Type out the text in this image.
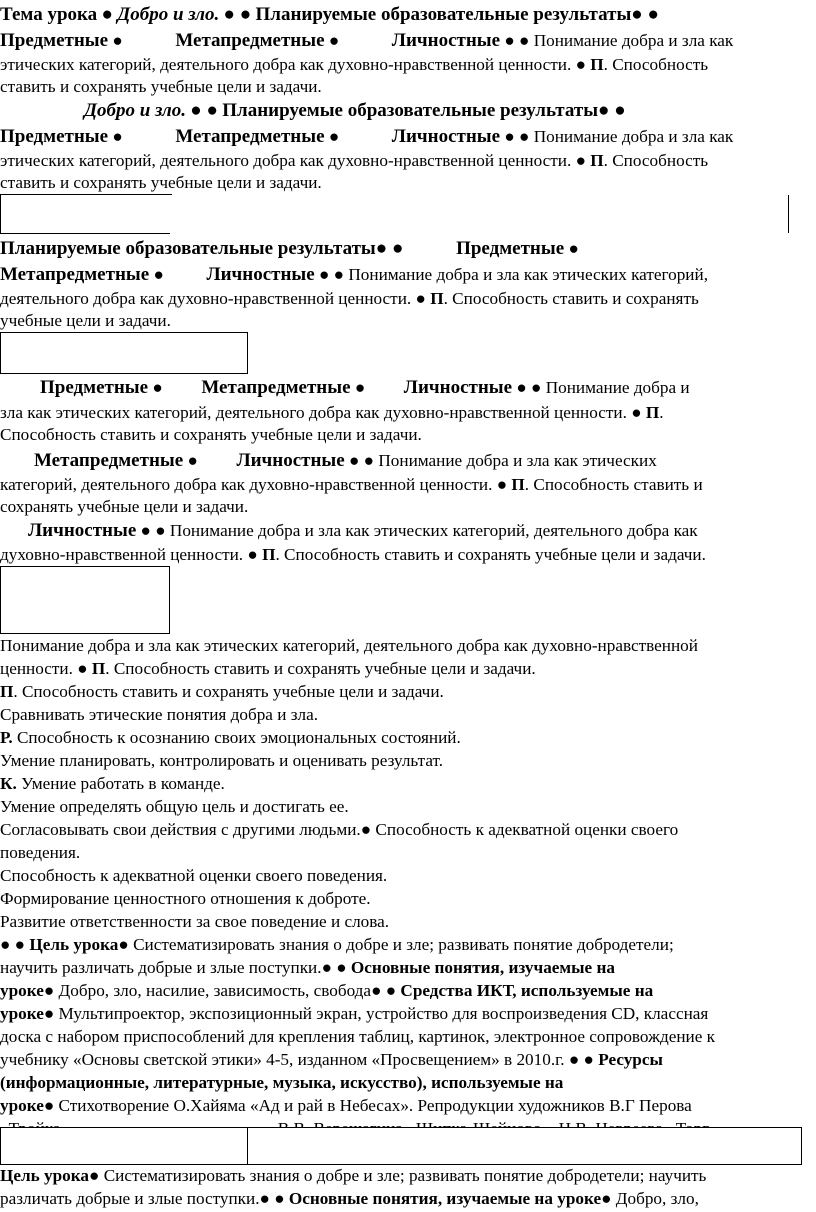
Тема урока ● Добро и зло. ● ● Планируемые образовательные результаты● ●
Предметные ●	Метапредметные ●	Личностные ● ● Понимание добра и зла как
этических категорий, деятельного добра как духовно-нравственной ценности. ● П. Способность
ставить и сохранять учебные цели и задачи.
Добро и зло. ● ● Планируемые образовательные результаты● ●
Предметные ●	Метапредметные ●	Личностные ● ● Понимание добра и зла как
этических категорий, деятельного добра как духовно-нравственной ценности. ● П. Способность
ставить и сохранять учебные цели и задачи.
Планируемые образовательные результаты● ●	Предметные ●
Метапредметные ● Личностные ● ● Понимание добра и зла как этических категорий,
деятельного добра как духовно-нравственной ценности. ● П. Способность ставить и сохранять
учебные цели и задачи.
Предметные ● Метапредметные ● Личностные ● ● Понимание добра и
зла как этических категорий, деятельного добра как духовно-нравственной ценности. ● П.
Способность ставить и сохранять учебные цели и задачи.
Метапредметные ● Личностные ● ● Понимание добра и зла как этических
категорий, деятельного добра как духовно-нравственной ценности. ● П. Способность ставить и
сохранять учебные цели и задачи.
Личностные ● ● Понимание добра и зла как этических категорий, деятельного добра как
духовно-нравственной ценности. ● П. Способность ставить и сохранять учебные цели и задачи.
Понимание добра и зла как этических категорий, деятельного добра как духовно-нравственной
ценности. ● П. Способность ставить и сохранять учебные цели и задачи.
П. Способность ставить и сохранять учебные цели и задачи.
Сравнивать этические понятия добра и зла.
Р. Способность к осознанию своих эмоциональных состояний.
Умение планировать, контролировать и оценивать результат.
К. Умение работать в команде.
Умение определять общую цель и достигать ее.
Согласовывать свои действия с другими людьми.● Способность к адекватной оценки своего
поведения.
Способность к адекватной оценки своего поведения.
Формирование ценностного отношения к доброте.
Развитие ответственности за свое поведение и слова.
● ● Цель урока● Систематизировать знания о добре и зле; развивать понятие добродетели;
научить различать добрые и злые поступки.● ● Основные понятия, изучаемые на
уроке● Добро, зло, насилие, зависимость, свобода● ● Средства ИКТ, используемые на
уроке● Мультипроектор, экспозиционный экран, устройство для воспроизведения CD, классная
доска с набором приспособлений для крепления таблиц, картинок, электронное сопровождение к
учебнику «Основы светской этики» 4-5, изданном «Просвещением» в 2010.г. ● ● Ресурсы
(информационные, литературные, музыка, искусство), используемые на
уроке● Стихотворение О.Хайяма «Ад и рай в Небесах». Репродукции художников В.Г Перова
Цель урока● Систематизировать знания о добре и зле; развивать понятие добродетели; научить
различать добрые и злые поступки.● ● Основные понятия, изучаемые на уроке● Добро, зло,
